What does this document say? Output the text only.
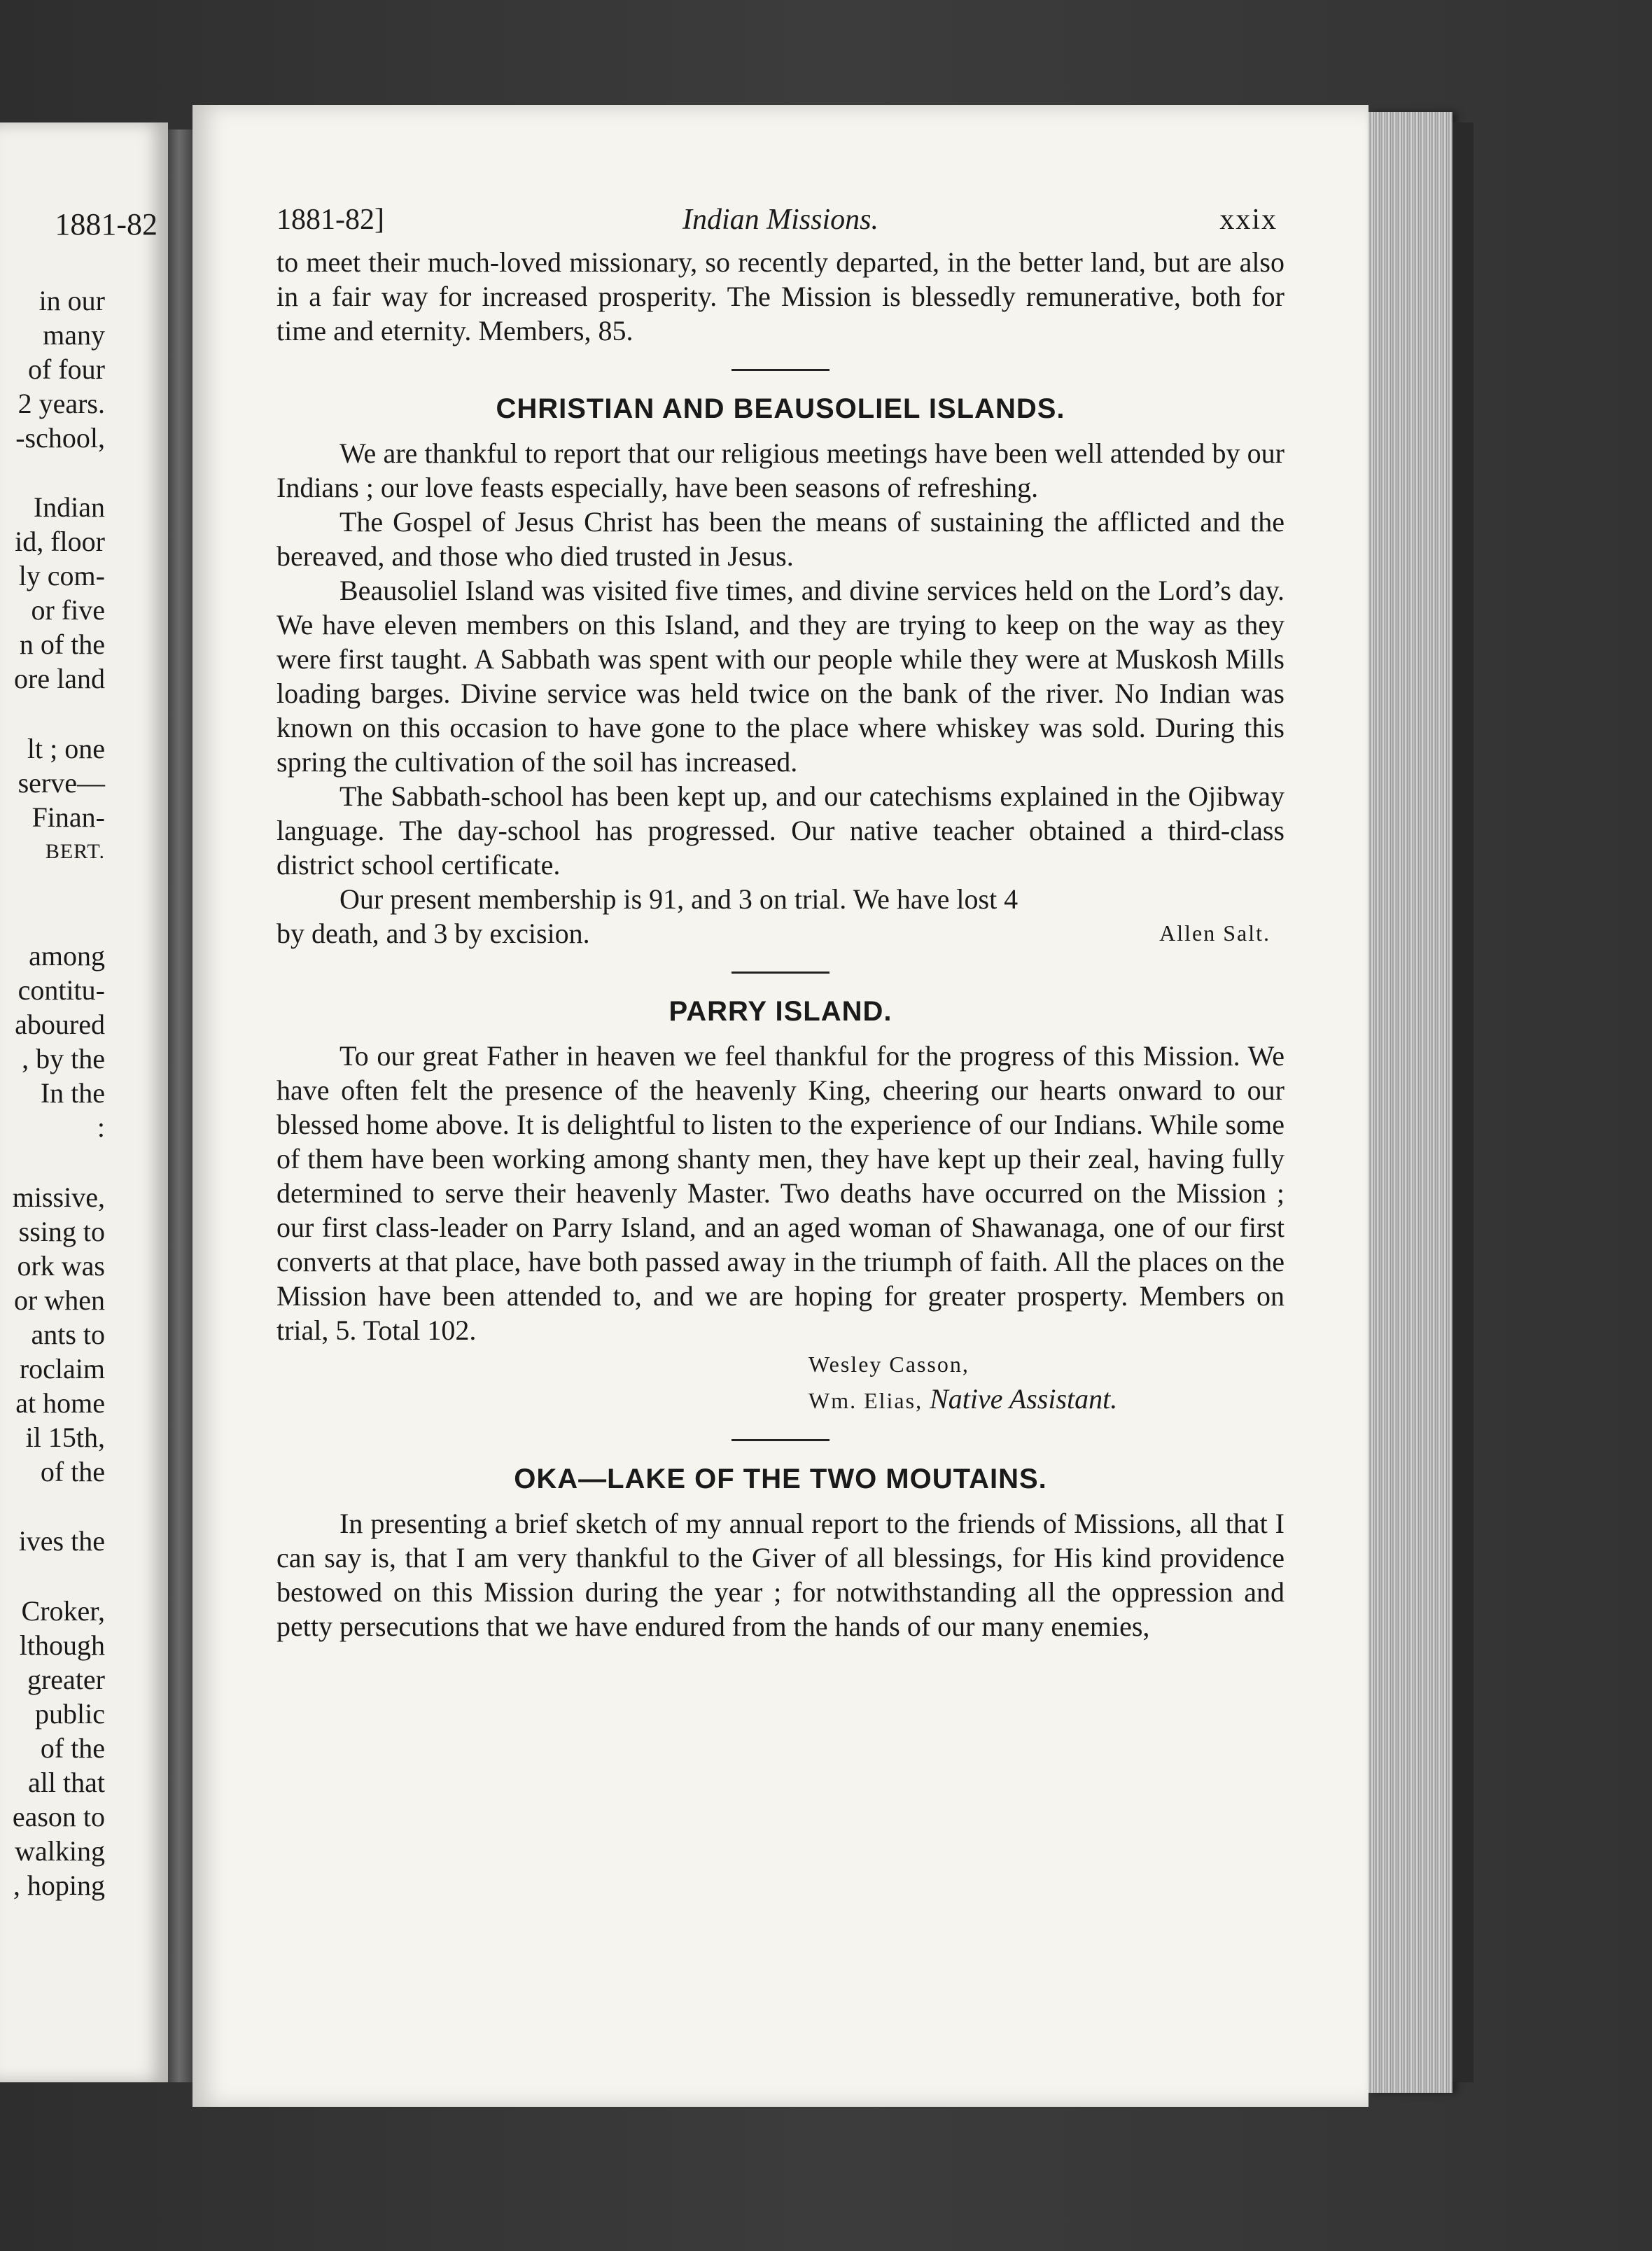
1881-82
in our
many
of four
2 years.
-school,
Indian
id, floor
ly com-
or five
n of the
ore land
lt ; one
serve—
Finan-
BERT.
among
contitu-
aboured
, by the
In the
:
missive,
ssing to
ork was
or when
ants to
roclaim
at home
il 15th,
of the
ives the
Croker,
lthough
greater
public
of the
all that
eason to
walking
, hoping
1881-82]	Indian Missions.	xxix

to meet their much-loved missionary, so recently departed, in the better land, but are also in a fair way for increased prosperity. The Mission is blessedly remunerative, both for time and eternity. Members, 85.

CHRISTIAN AND BEAUSOLIEL ISLANDS.

We are thankful to report that our religious meetings have been well attended by our Indians ; our love feasts especially, have been seasons of refreshing.

The Gospel of Jesus Christ has been the means of sustaining the afflicted and the bereaved, and those who died trusted in Jesus.

Beausoliel Island was visited five times, and divine services held on the Lord’s day. We have eleven members on this Island, and they are trying to keep on the way as they were first taught. A Sabbath was spent with our people while they were at Muskosh Mills loading barges. Divine service was held twice on the bank of the river. No Indian was known on this occasion to have gone to the place where whiskey was sold. During this spring the cultivation of the soil has increased.

The Sabbath-school has been kept up, and our catechisms explained in the Ojibway language. The day-school has progressed. Our native teacher obtained a third-class district school certificate.

Our present membership is 91, and 3 on trial. We have lost 4

by death, and 3 by excision.	Allen Salt.
PARRY ISLAND.

To our great Father in heaven we feel thankful for the progress of this Mission. We have often felt the presence of the heavenly King, cheering our hearts onward to our blessed home above. It is delightful to listen to the experience of our Indians. While some of them have been working among shanty men, they have kept up their zeal, having fully determined to serve their heavenly Master. Two deaths have occurred on the Mission ; our first class-leader on Parry Island, and an aged woman of Shawanaga, one of our first converts at that place, have both passed away in the triumph of faith. All the places on the Mission have been attended to, and we are hoping for greater prosperty. Members on trial, 5. Total 102.

Wesley Casson,
Wm. Elias, Native Assistant.
OKA—LAKE OF THE TWO MOUTAINS.

In presenting a brief sketch of my annual report to the friends of Missions, all that I can say is, that I am very thankful to the Giver of all blessings, for His kind providence bestowed on this Mission during the year ; for notwithstanding all the oppression and petty persecutions that we have endured from the hands of our many enemies,
